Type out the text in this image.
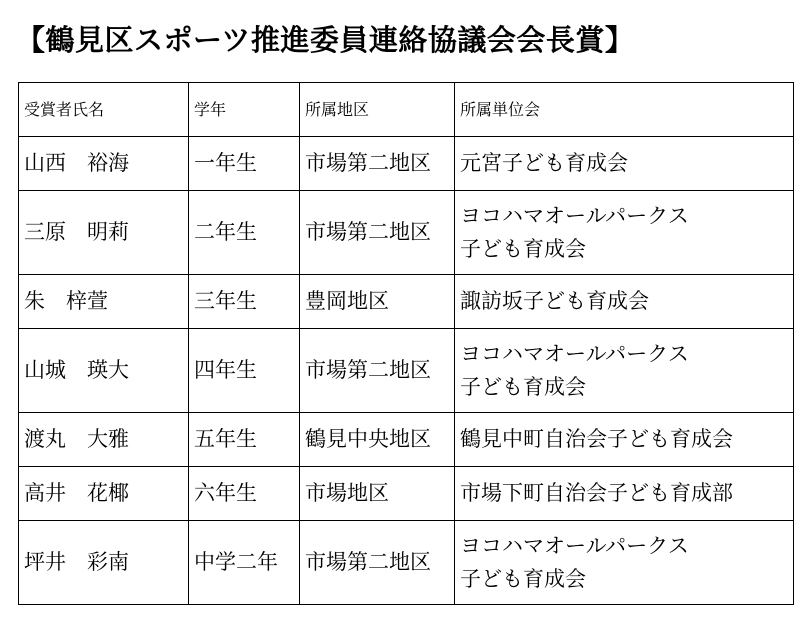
【鶴見区スポーツ推進委員連絡協議会会長賞】
受賞者氏名	学年	所属地区	所属単位会
山西　裕海	一年生	市場第二地区	元宮子ども育成会

三原　明莉	二年生	市場第二地区	ヨコハマオールパークス
子ども育成会

朱　梓萱	三年生	豊岡地区	諏訪坂子ども育成会

山城　瑛大	四年生	市場第二地区	ヨコハマオールパークス
子ども育成会

渡丸　大雅	五年生	鶴見中央地区	鶴見中町自治会子ども育成会

高井　花椰	六年生	市場地区	市場下町自治会子ども育成部

坪井　彩南	中学二年	市場第二地区	ヨコハマオールパークス
子ども育成会
